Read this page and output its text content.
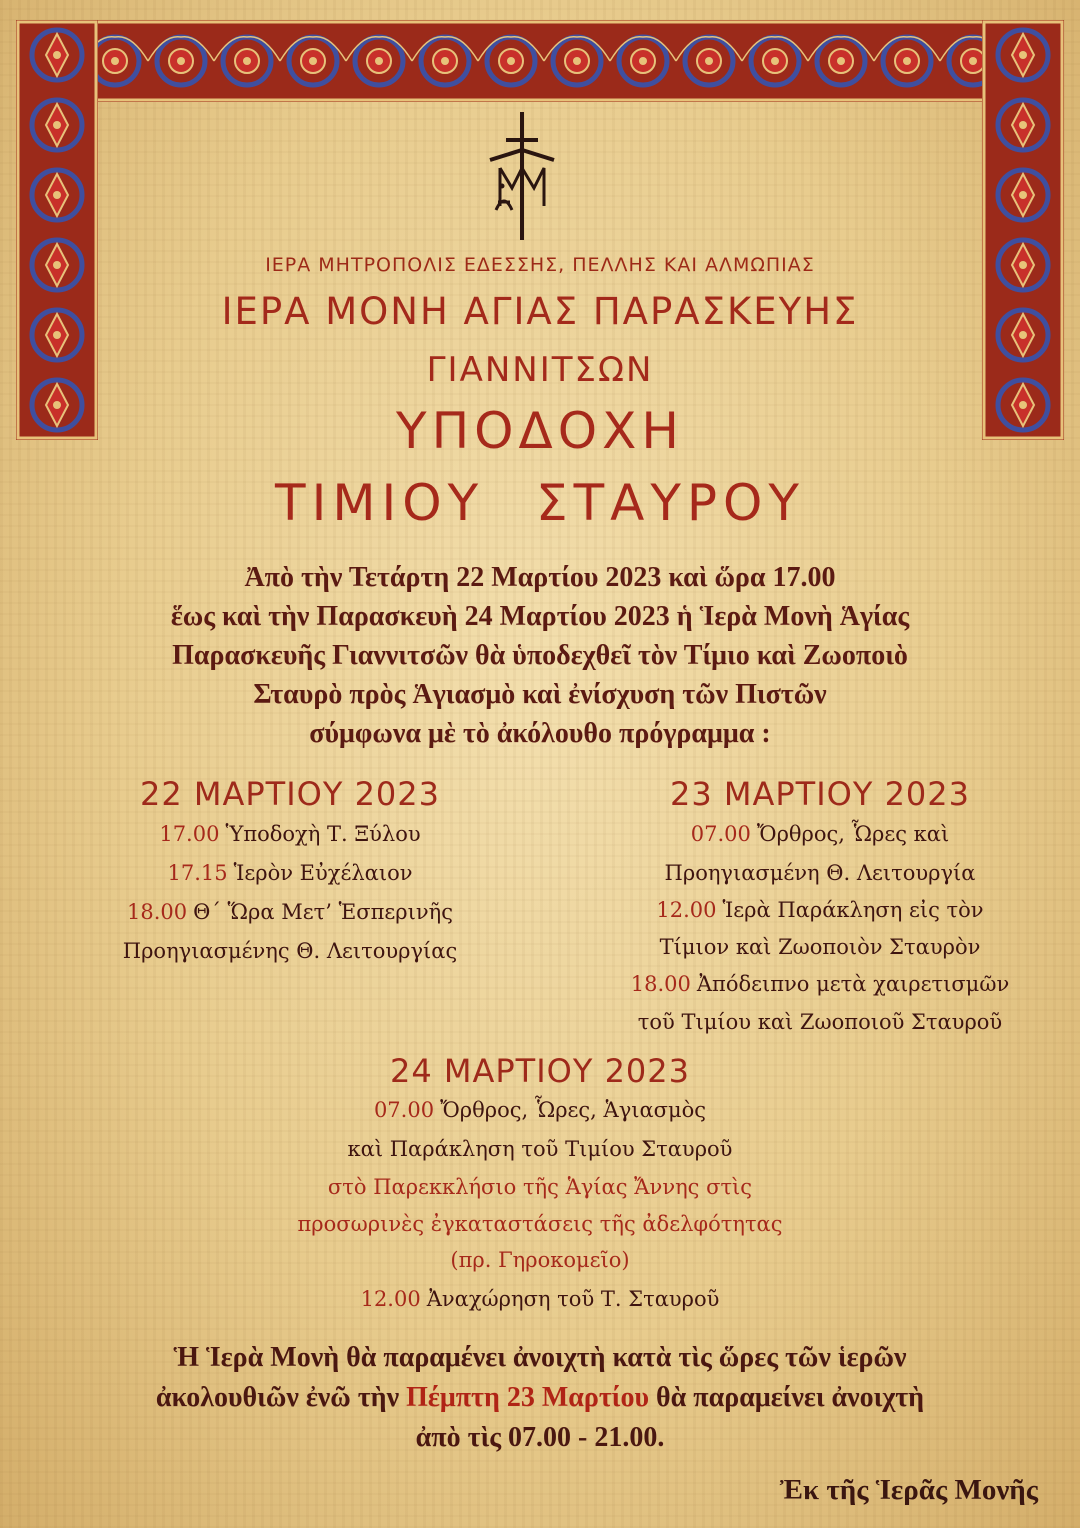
ΙΕΡΑ ΜΗΤΡΟΠΟΛΙΣ ΕΔΕΣΣΗΣ, ΠΕΛΛΗΣ ΚΑΙ ΑΛΜΩΠΙΑΣ
ΙΕΡΑ ΜΟΝΗ ΑΓΙΑΣ ΠΑΡΑΣΚΕΥΗΣ
ΓΙΑΝΝΙΤΣΩΝ
ΥΠΟΔΟΧΗ
ΤΙΜΙΟΥ ΣΤΑΥΡΟΥ
Ἀπὸ τὴν Τετάρτη 22 Μαρτίου 2023 καὶ ὥρα 17.00
ἕως καὶ τὴν Παρασκευὴ 24 Μαρτίου 2023 ἡ Ἱερὰ Μονὴ Ἁγίας
Παρασκευῆς Γιαννιτσῶν θὰ ὑποδεχθεῖ τὸν Τίμιο καὶ Ζωοποιὸ
Σταυρὸ πρὸς Ἁγιασμὸ καὶ ἐνίσχυση τῶν Πιστῶν
σύμφωνα μὲ τὸ ἀκόλουθο πρόγραμμα :
22 ΜΑΡΤΙΟΥ 2023
17.00 Ὑποδοχὴ Τ. Ξύλου
17.15 Ἱερὸν Εὐχέλαιον
18.00 Θ΄ Ὥρα Μετ’ Ἑσπερινῆς
Προηγιασμένης Θ. Λειτουργίας
23 ΜΑΡΤΙΟΥ 2023
07.00 Ὄρθρος, Ὧρες καὶ
Προηγιασμένη Θ. Λειτουργία
12.00 Ἱερὰ Παράκληση εἰς τὸν
Τίμιον καὶ Ζωοποιὸν Σταυρὸν
18.00 Ἀπόδειπνο μετὰ χαιρετισμῶν
τοῦ Τιμίου καὶ Ζωοποιοῦ Σταυροῦ
24 ΜΑΡΤΙΟΥ 2023
07.00 Ὄρθρος, Ὧρες, Ἁγιασμὸς
καὶ Παράκληση τοῦ Τιμίου Σταυροῦ
στὸ Παρεκκλήσιο τῆς Ἁγίας Ἄννης στὶς
προσωρινὲς ἐγκαταστάσεις τῆς ἀδελφότητας
(πρ. Γηροκομεῖο)
12.00 Ἀναχώρηση τοῦ Τ. Σταυροῦ
Ἡ Ἱερὰ Μονὴ θὰ παραμένει ἀνοιχτὴ κατὰ τὶς ὥρες τῶν ἱερῶν
ἀκολουθιῶν ἐνῶ τὴν Πέμπτη 23 Μαρτίου θὰ παραμείνει ἀνοιχτὴ
ἀπὸ τὶς 07.00 - 21.00.
Ἐκ τῆς Ἱερᾶς Μονῆς
